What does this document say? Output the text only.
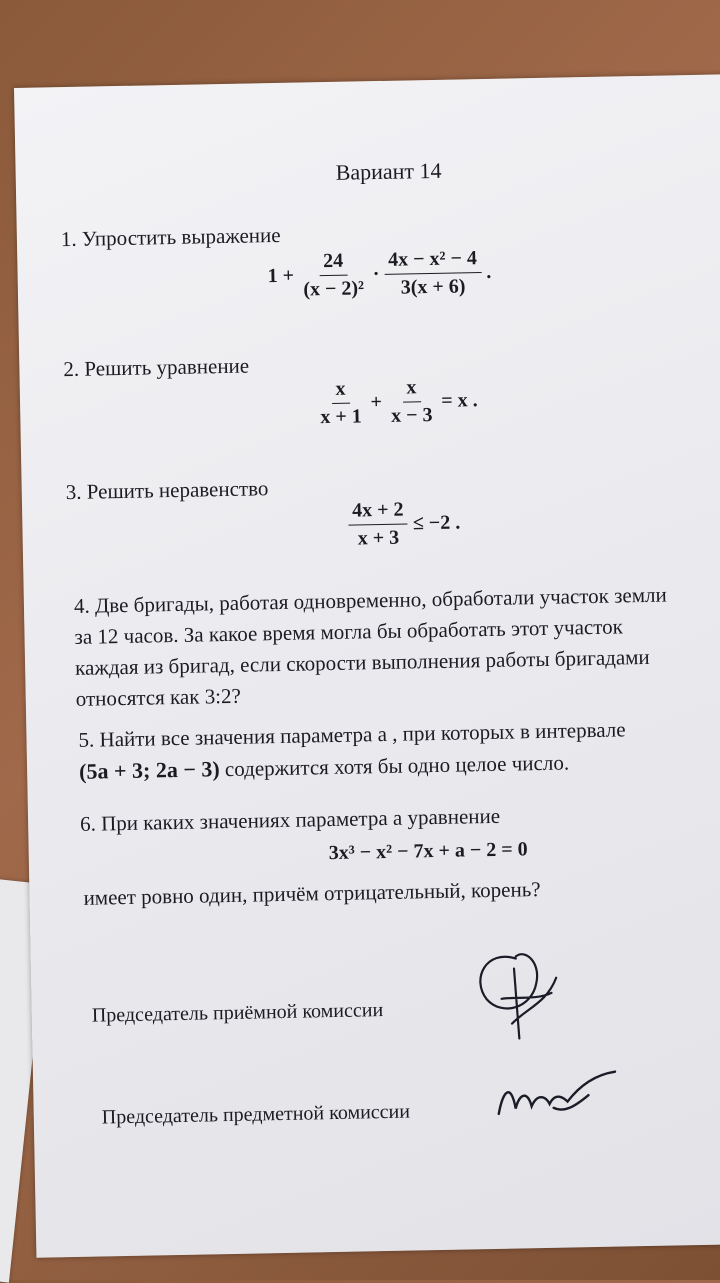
Вариант 14
1. Упростить выражение
$1 + \frac{24}{\text{(x − 2)²}} \cdot \frac{\text{4x − x² − 4}}{3(x + 6)}$ .
2. Решить уравнение
$\frac{x}{x + 1} + \frac{x}{x - 3} = x$ .
3. Решить неравенство
$\frac{4x + 2}{x + 3} \le -2$ .
4. Две бригады, работая одновременно, обработали участок земли за 12 часов. За какое время могла бы обработать этот участок каждая из бригад, если скорости выполнения работы бригадами относятся как 3:2?
5. Найти все значения параметра a , при которых в интервале
(5a + 3; 2a − 3) содержится хотя бы одно целое число.
6. При каких значениях параметра a уравнение
3x³ − x² − 7x + a − 2 = 0
имеет ровно один, причём отрицательный, корень?
Председатель приёмной комиссии
Председатель предметной комиссии
